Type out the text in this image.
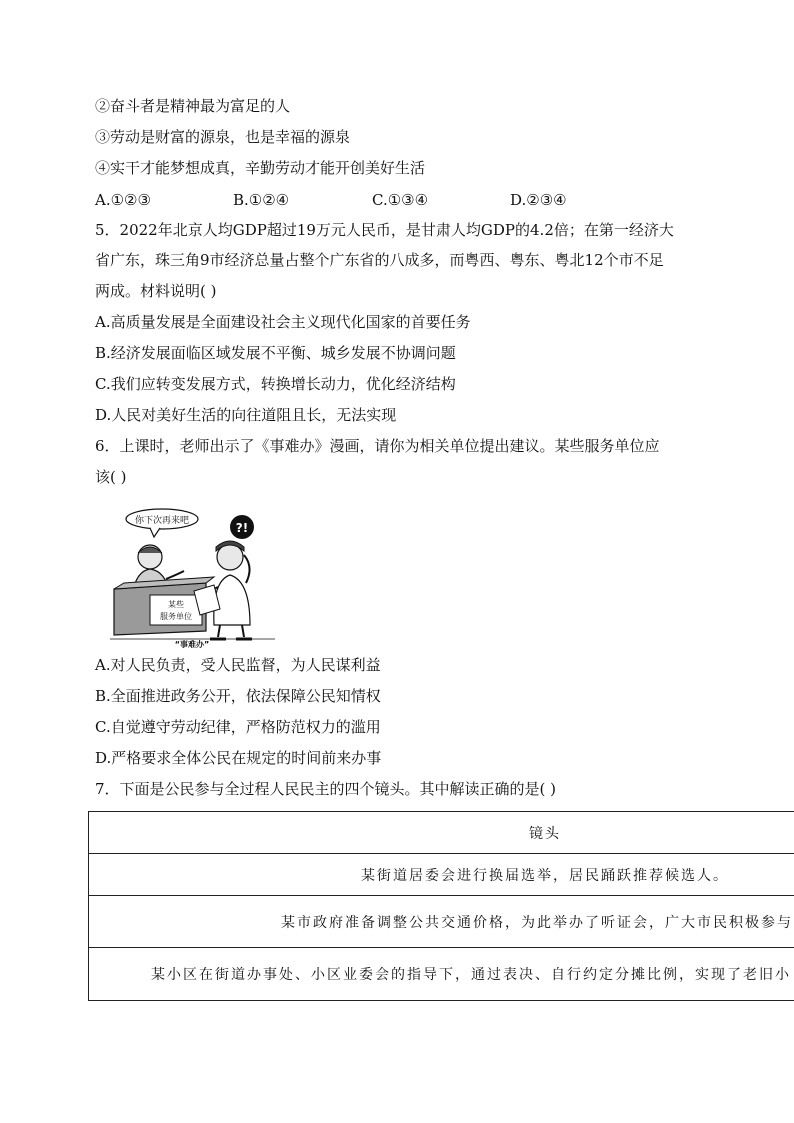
②奋斗者是精神最为富足的人
③劳动是财富的源泉，也是幸福的源泉
④实干才能梦想成真，辛勤劳动才能开创美好生活
A.①②③	B.①②④	C.①③④	D.②③④
5．2022年北京人均GDP超过19万元人民币，是甘肃人均GDP的4.2倍；在第一经济大
省广东，珠三角9市经济总量占整个广东省的八成多，而粤西、粤东、粤北12个市不足
两成。材料说明( )
A.高质量发展是全面建设社会主义现代化国家的首要任务
B.经济发展面临区域发展不平衡、城乡发展不协调问题
C.我们应转变发展方式，转换增长动力，优化经济结构
D.人民对美好生活的向往道阻且长，无法实现
6．上课时，老师出示了《事难办》漫画，请你为相关单位提出建议。某些服务单位应
该( )
你下次再来吧
某些
服务单位
?!
“事难办”
A.对人民负责，受人民监督，为人民谋利益
B.全面推进政务公开，依法保障公民知情权
C.自觉遵守劳动纪律，严格防范权力的滥用
D.严格要求全体公民在规定的时间前来办事
7．下面是公民参与全过程人民民主的四个镜头。其中解读正确的是( )
镜头
某街道居委会进行换届选举，居民踊跃推荐候选人。
某市政府准备调整公共交通价格，为此举办了听证会，广大市民积极参与
某小区在街道办事处、小区业委会的指导下，通过表决、自行约定分摊比例，实现了老旧小
